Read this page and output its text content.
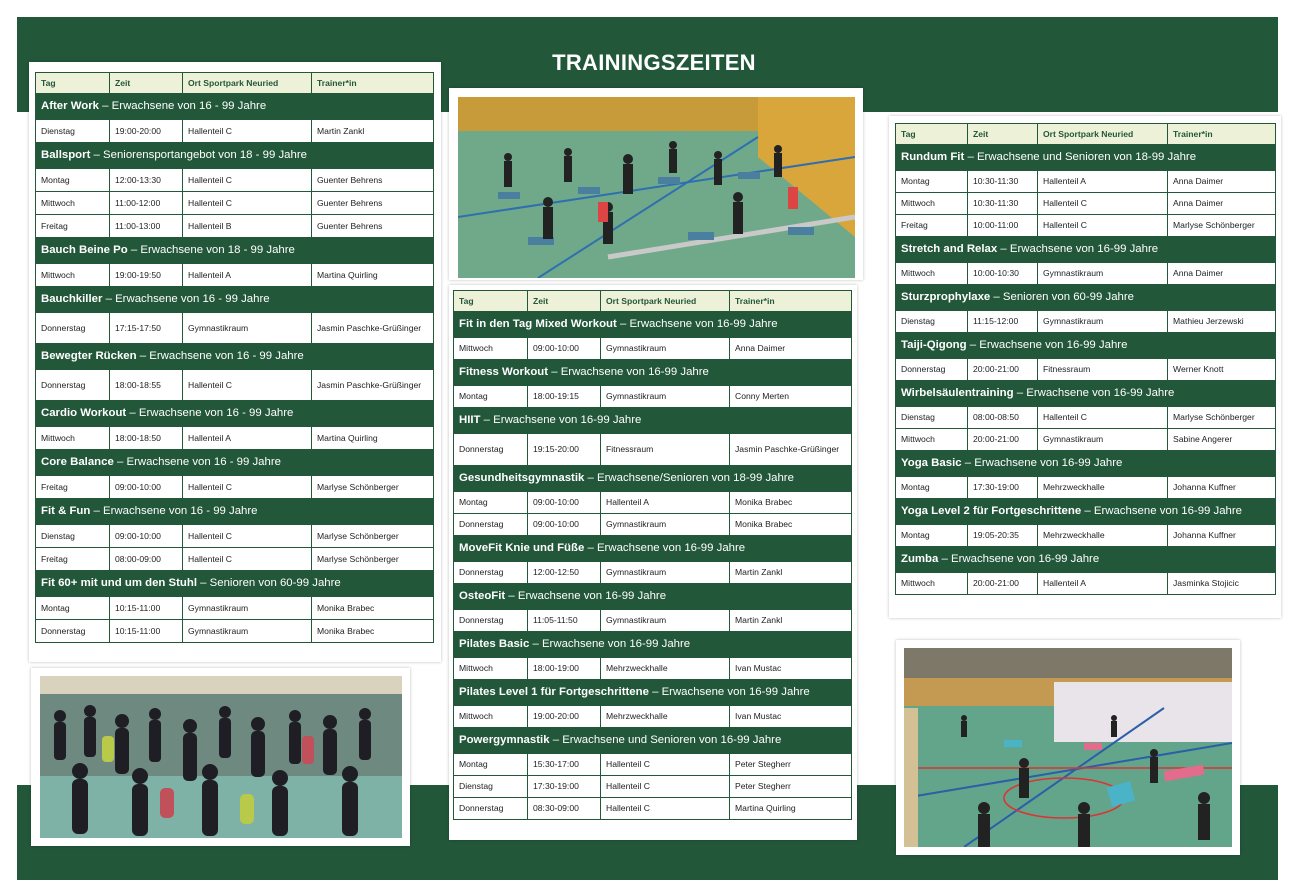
TRAININGSZEITEN
Tag	Zeit	Ort Sportpark Neuried	Trainer*in
After Work – Erwachsene von 16 - 99 Jahre			
Dienstag	19:00-20:00	Hallenteil C	Martin Zankl
Ballsport – Seniorensportangebot von 18 - 99 Jahre			
Montag	12:00-13:30	Hallenteil C	Guenter Behrens
Mittwoch	11:00-12:00	Hallenteil C	Guenter Behrens
Freitag	11:00-13:00	Hallenteil B	Guenter Behrens
Bauch Beine Po – Erwachsene von 18 - 99 Jahre			
Mittwoch	19:00-19:50	Hallenteil A	Martina Quirling
Bauchkiller – Erwachsene von 16 - 99 Jahre			
Donnerstag	17:15-17:50	Gymnastikraum	Jasmin Paschke-Grüßinger
Bewegter Rücken – Erwachsene von 16 - 99 Jahre			
Donnerstag	18:00-18:55	Hallenteil C	Jasmin Paschke-Grüßinger
Cardio Workout – Erwachsene von 16 - 99 Jahre			
Mittwoch	18:00-18:50	Hallenteil A	Martina Quirling
Core Balance – Erwachsene von 16 - 99 Jahre			
Freitag	09:00-10:00	Hallenteil C	Marlyse Schönberger
Fit & Fun – Erwachsene von 16 - 99 Jahre			
Dienstag	09:00-10:00	Hallenteil C	Marlyse Schönberger
Freitag	08:00-09:00	Hallenteil C	Marlyse Schönberger
Fit 60+ mit und um den Stuhl – Senioren von 60-99 Jahre			
Montag	10:15-11:00	Gymnastikraum	Monika Brabec
Donnerstag	10:15-11:00	Gymnastikraum	Monika Brabec
Tag	Zeit	Ort Sportpark Neuried	Trainer*in
Fit in den Tag Mixed Workout – Erwachsene von 16-99 Jahre			
Mittwoch	09:00-10:00	Gymnastikraum	Anna Daimer
Fitness Workout – Erwachsene von 16-99 Jahre			
Montag	18:00-19:15	Gymnastikraum	Conny Merten
HIIT – Erwachsene von 16-99 Jahre			
Donnerstag	19:15-20:00	Fitnessraum	Jasmin Paschke-Grüßinger
Gesundheitsgymnastik – Erwachsene/Senioren von 18-99 Jahre			
Montag	09:00-10:00	Hallenteil A	Monika Brabec
Donnerstag	09:00-10:00	Gymnastikraum	Monika Brabec
MoveFit Knie und Füße – Erwachsene von 16-99 Jahre			
Donnerstag	12:00-12:50	Gymnastikraum	Martin Zankl
OsteoFit – Erwachsene von 16-99 Jahre			
Donnerstag	11:05-11:50	Gymnastikraum	Martin Zankl
Pilates Basic – Erwachsene von 16-99 Jahre			
Mittwoch	18:00-19:00	Mehrzweckhalle	Ivan Mustac
Pilates Level 1 für Fortgeschrittene – Erwachsene von 16-99 Jahre			
Mittwoch	19:00-20:00	Mehrzweckhalle	Ivan Mustac
Powergymnastik – Erwachsene und Senioren von 16-99 Jahre			
Montag	15:30-17:00	Hallenteil C	Peter Stegherr
Dienstag	17:30-19:00	Hallenteil C	Peter Stegherr
Donnerstag	08:30-09:00	Hallenteil C	Martina Quirling
Tag	Zeit	Ort Sportpark Neuried	Trainer*in
Rundum Fit – Erwachsene und Senioren von 18-99 Jahre			
Montag	10:30-11:30	Hallenteil A	Anna Daimer
Mittwoch	10:30-11:30	Hallenteil C	Anna Daimer
Freitag	10:00-11:00	Hallenteil C	Marlyse Schönberger
Stretch and Relax – Erwachsene von 16-99 Jahre			
Mittwoch	10:00-10:30	Gymnastikraum	Anna Daimer
Sturzprophylaxe – Senioren von 60-99 Jahre			
Dienstag	11:15-12:00	Gymnastikraum	Mathieu Jerzewski
Taiji-Qigong – Erwachsene von 16-99 Jahre			
Donnerstag	20:00-21:00	Fitnessraum	Werner Knott
Wirbelsäulentraining – Erwachsene von 16-99 Jahre			
Dienstag	08:00-08:50	Hallenteil C	Marlyse Schönberger
Mittwoch	20:00-21:00	Gymnastikraum	Sabine Angerer
Yoga Basic – Erwachsene von 16-99 Jahre			
Montag	17:30-19:00	Mehrzweckhalle	Johanna Kuffner
Yoga Level 2 für Fortgeschrittene – Erwachsene von 16-99 Jahre			
Montag	19:05-20:35	Mehrzweckhalle	Johanna Kuffner
Zumba – Erwachsene von 16-99 Jahre			
Mittwoch	20:00-21:00	Hallenteil A	Jasminka Stojicic
